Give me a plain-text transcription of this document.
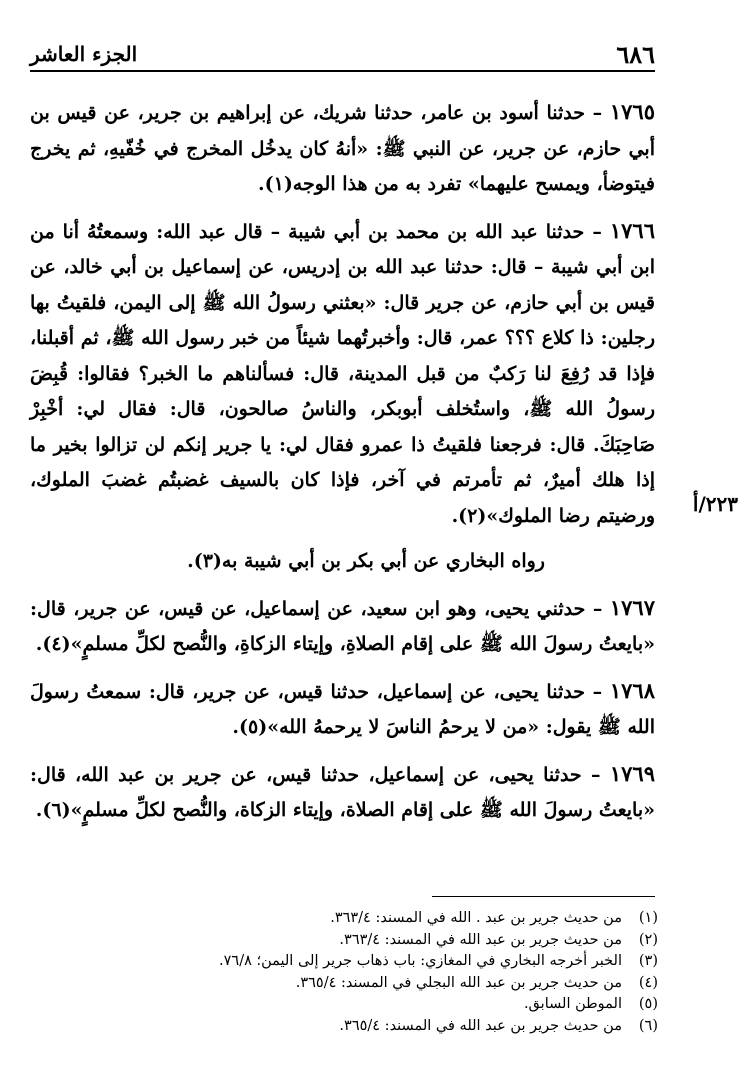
٦٨٦
الجزء العاشر

١٧٦٥ – حدثنا أسود بن عامر، حدثنا شريك، عن إبراهيم بن جرير، عن قيس بن أبي حازم، عن جرير، عن النبي ﷺ: «أنهُ كان يدخُل المخرج في خُفّيهِ، ثم يخرج فيتوضأ، ويمسح عليهما» تفرد به من هذا الوجه(١).

١٧٦٦ – حدثنا عبد الله بن محمد بن أبي شيبة – قال عبد الله: وسمعتُهُ أنا من ابن أبي شيبة – قال: حدثنا عبد الله بن إدريس، عن إسماعيل بن أبي خالد، عن قيس بن أبي حازم، عن جرير قال: «بعثني رسولُ الله ﷺ إلى اليمن، فلقيتُ بها رجلين: ذا كلاع ؟؟؟ عمر، قال: وأخبرتُهما شيئاً من خبر رسول الله ﷺ، ثم أقبلنا، فإذا قد رُفِعَ لنا رَكبٌ من قبل المدينة، قال: فسألناهم ما الخبر؟ فقالوا: قُبِضَ رسولُ الله ﷺ، واستُخلف أبوبكر، والناسُ صالحون، قال: فقال لي: أخْبِرْ صَاحِبَكَ. قال: فرجعنا فلقيتُ ذا عمرو فقال لي: يا جرير إنكم لن تزالوا بخير ما إذا هلك أميرٌ، ثم تأمرتم في آخر، فإذا كان بالسيف غضبتُم غضبَ الملوك، ورضيتم رضا الملوك»(٢).

رواه البخاري عن أبي بكر بن أبي شيبة به(٣).

١٧٦٧ – حدثني يحيى، وهو ابن سعيد، عن إسماعيل، عن قيس، عن جرير، قال: «بايعتُ رسولَ الله ﷺ على إقام الصلاةِ، وإيتاء الزكاةِ، والنُّصح لكلِّ مسلمٍ»(٤).

١٧٦٨ – حدثنا يحيى، عن إسماعيل، حدثنا قيس، عن جرير، قال: سمعتُ رسولَ الله ﷺ يقول: «من لا يرحمُ الناسَ لا يرحمهُ الله»(٥).

١٧٦٩ – حدثنا يحيى، عن إسماعيل، حدثنا قيس، عن جرير بن عبد الله، قال: «بايعتُ رسولَ الله ﷺ على إقام الصلاة، وإيتاء الزكاة، والنُّصح لكلِّ مسلمٍ»(٦).

٢٢٣/أ
(١)من حديث جرير بن عبد . الله في المسند: ٣٦٣/٤.
(٢)من حديث جرير بن عبد الله في المسند: ٣٦٣/٤.
(٣)الخبر أخرجه البخاري في المغازي: باب ذهاب جرير إلى اليمن؛ ٧٦/٨.
(٤)من حديث جرير بن عبد الله البجلي في المسند: ٣٦٥/٤.
(٥)الموطن السابق.
(٦)من حديث جرير بن عبد الله في المسند: ٣٦٥/٤.
